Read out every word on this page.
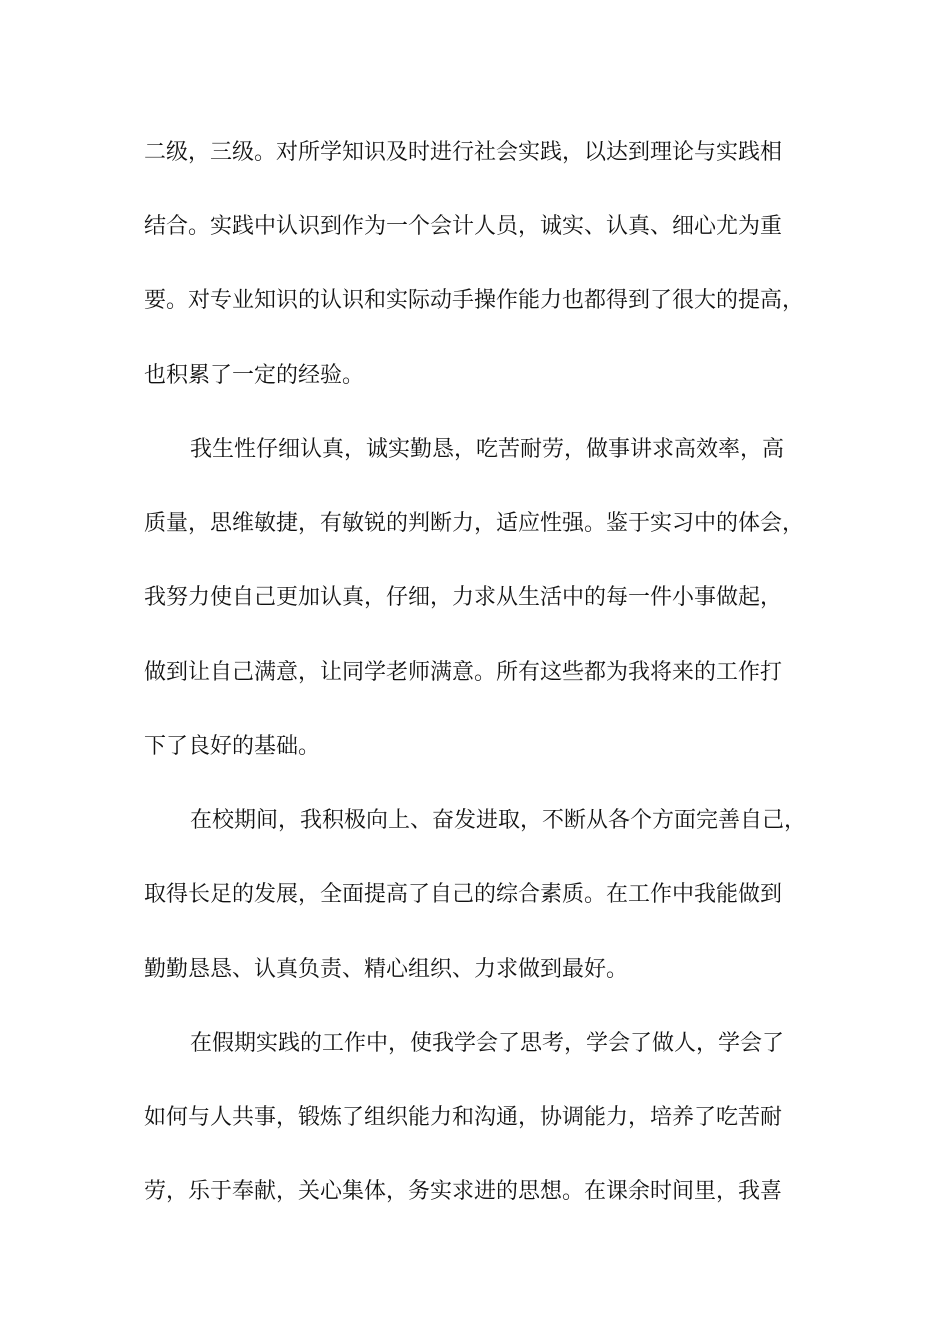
二级，三级。对所学知识及时进行社会实践，以达到理论与实践相
结合。实践中认识到作为一个会计人员，诚实、认真、细心尤为重
要。对专业知识的认识和实际动手操作能力也都得到了很大的提高，
也积累了一定的经验。
我生性仔细认真，诚实勤恳，吃苦耐劳，做事讲求高效率，高
质量，思维敏捷，有敏锐的判断力，适应性强。鉴于实习中的体会，
我努力使自己更加认真，仔细，力求从生活中的每一件小事做起，
做到让自己满意，让同学老师满意。所有这些都为我将来的工作打
下了良好的基础。
在校期间，我积极向上、奋发进取，不断从各个方面完善自己，
取得长足的发展，全面提高了自己的综合素质。在工作中我能做到
勤勤恳恳、认真负责、精心组织、力求做到最好。
在假期实践的工作中，使我学会了思考，学会了做人，学会了
如何与人共事，锻炼了组织能力和沟通，协调能力，培养了吃苦耐
劳，乐于奉献，关心集体，务实求进的思想。在课余时间里，我喜
